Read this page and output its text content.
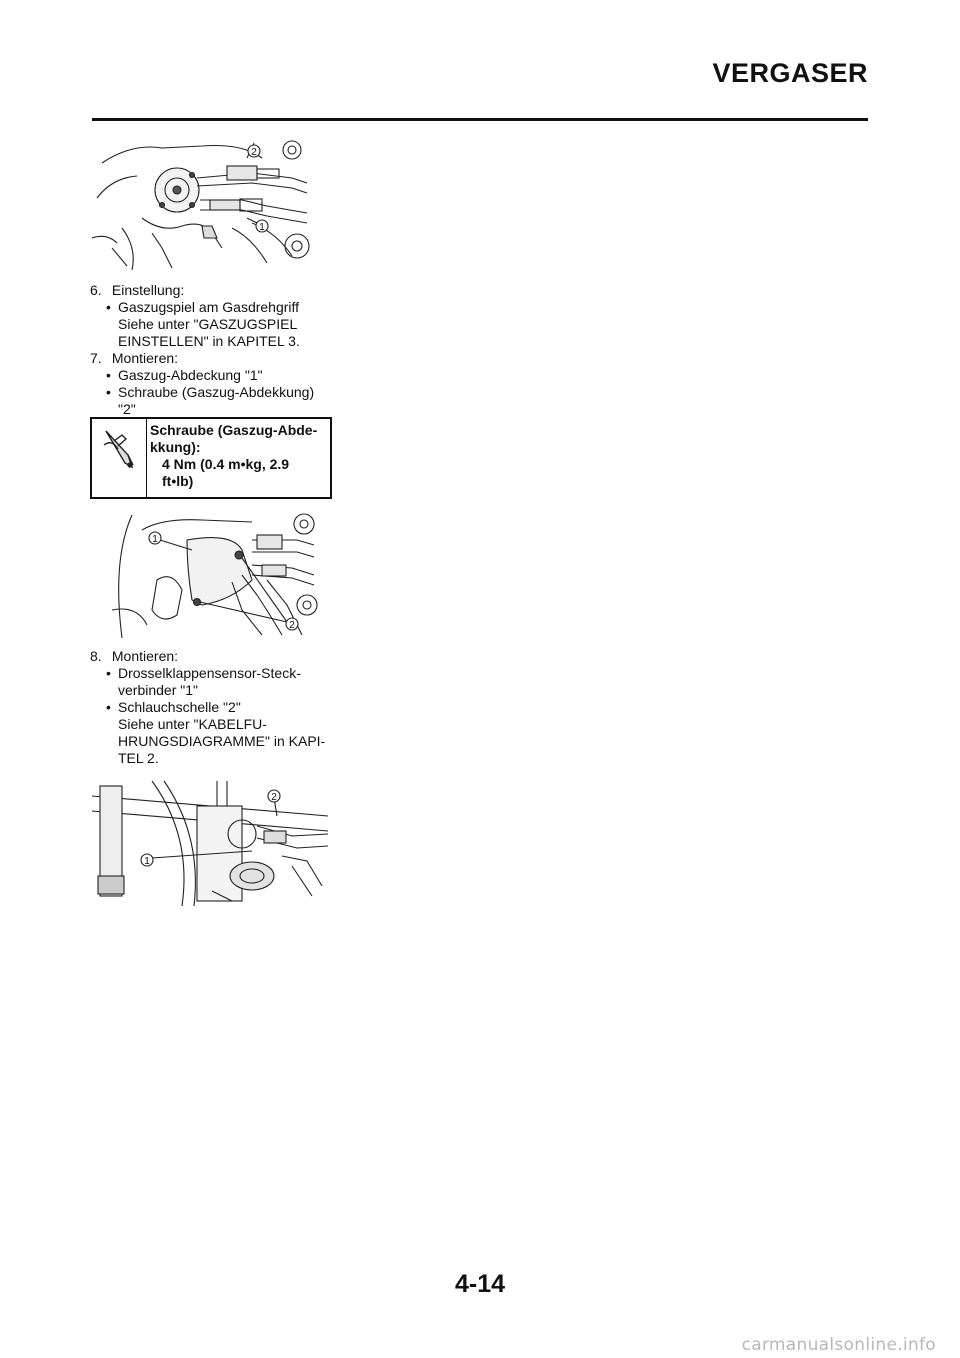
VERGASER
2
1
6. Einstellung:
• Gaszugspiel am Gasdrehgriff
Siehe unter "GASZUGSPIEL
EINSTELLEN" in KAPITEL 3.
7. Montieren:
• Gaszug-Abdeckung "1"
• Schraube (Gaszug-Abdekkung)
"2"
Schraube (Gaszug-Abde-
kkung):
4 Nm (0.4 m•kg, 2.9
ft•lb)
1
2
8. Montieren:
• Drosselklappensensor-Steck-
verbinder "1"
• Schlauchschelle "2"
Siehe unter "KABELFU-
HRUNGSDIAGRAMME" in KAPI-
TEL 2.
2
1
4-14
carmanualsonline.info
